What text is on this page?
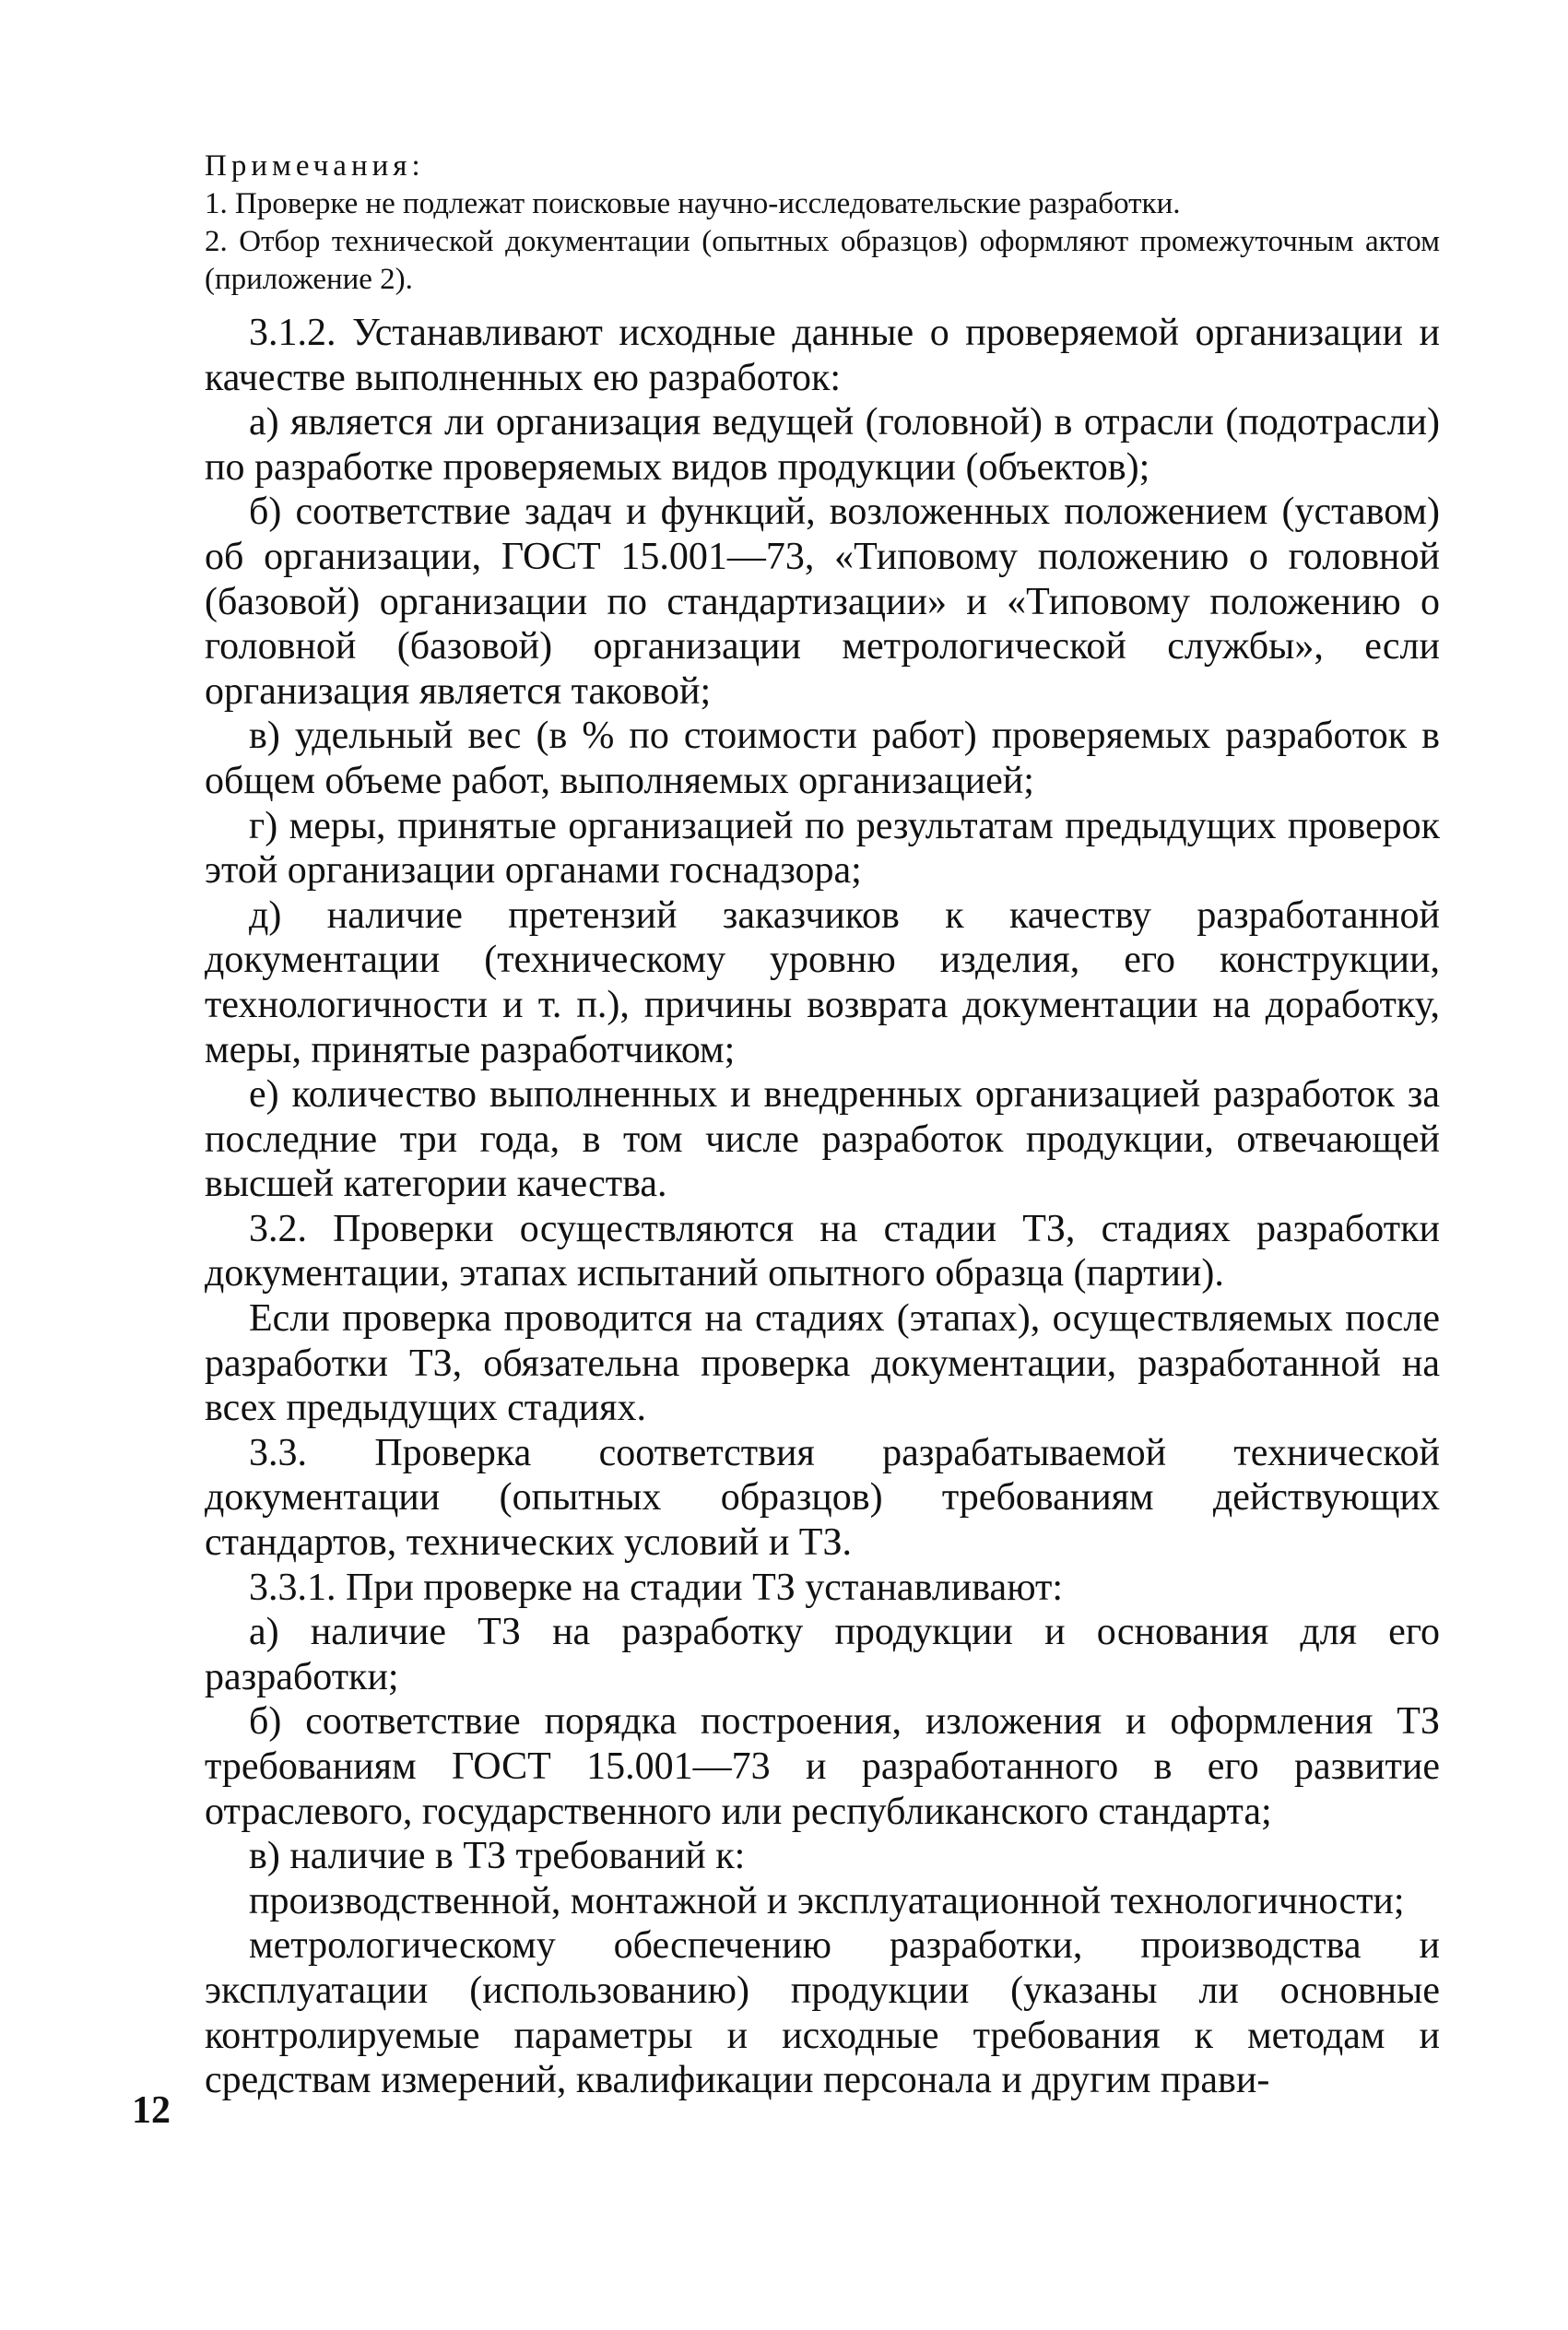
Примечания:

1. Проверке не подлежат поисковые научно-исследовательские разработки.

2. Отбор технической документации (опытных образцов) оформляют промежуточным актом (приложение 2).

3.1.2. Устанавливают исходные данные о проверяемой организации и качестве выполненных ею разработок:

а) является ли организация ведущей (головной) в отрасли (подотрасли) по разработке проверяемых видов продукции (объектов);

б) соответствие задач и функций, возложенных положением (уставом) об организации, ГОСТ 15.001—73, «Типовому положению о головной (базовой) организации по стандартизации» и «Типовому положению о головной (базовой) организации метрологической службы», если организация является таковой;

в) удельный вес (в % по стоимости работ) проверяемых разработок в общем объеме работ, выполняемых организацией;

г) меры, принятые организацией по результатам предыдущих проверок этой организации органами госнадзора;

д) наличие претензий заказчиков к качеству разработанной документации (техническому уровню изделия, его конструкции, технологичности и т. п.), причины возврата документации на доработку, меры, принятые разработчиком;

е) количество выполненных и внедренных организацией разработок за последние три года, в том числе разработок продукции, отвечающей высшей категории качества.

3.2. Проверки осуществляются на стадии ТЗ, стадиях разработки документации, этапах испытаний опытного образца (партии).

Если проверка проводится на стадиях (этапах), осуществляемых после разработки ТЗ, обязательна проверка документации, разработанной на всех предыдущих стадиях.

3.3. Проверка соответствия разрабатываемой технической документации (опытных образцов) требованиям действующих стандартов, технических условий и ТЗ.

3.3.1. При проверке на стадии ТЗ устанавливают:

а) наличие ТЗ на разработку продукции и основания для его разработки;

б) соответствие порядка построения, изложения и оформления ТЗ требованиям ГОСТ 15.001—73 и разработанного в его развитие отраслевого, государственного или республиканского стандарта;

в) наличие в ТЗ требований к:

производственной, монтажной и эксплуатационной технологичности;

метрологическому обеспечению разработки, производства и эксплуатации (использованию) продукции (указаны ли основные контролируемые параметры и исходные требования к методам и средствам измерений, квалификации персонала и другим прави-

12
